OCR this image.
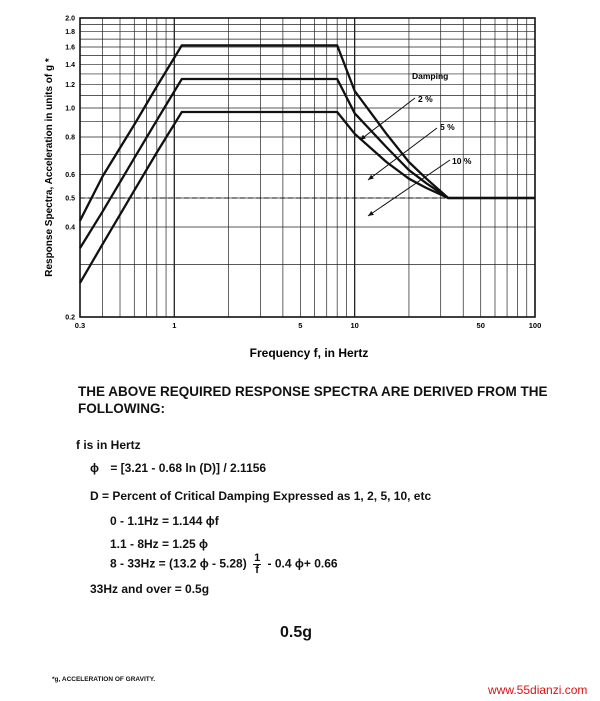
0.3	1	5	10	50	100
0.2
0.4
0.5
0.6
0.8
1.0
1.2
1.4
1.6
1.8
2.0
Damping
2 %
5 %
10 %
Frequency f, in Hertz
Response Spectra, Acceleration in units of g *
THE ABOVE REQUIRED RESPONSE SPECTRA ARE DERIVED FROM THE FOLLOWING:
f is in Hertz
ϕ = [3.21 - 0.68 ln (D)] / 2.1156
D = Percent of Critical Damping Expressed as 1, 2, 5, 10, etc
0 - 1.1Hz = 1.144 ϕf
1.1 - 8Hz = 1.25 ϕ
8 - 33Hz = (13.2 ϕ - $5.28) \frac{1}{f} - 0.4$ ϕ+ 0.66
33Hz and over = 0.5g
0.5g
*g, ACCELERATION OF GRAVITY.
www.55dianzi.com
